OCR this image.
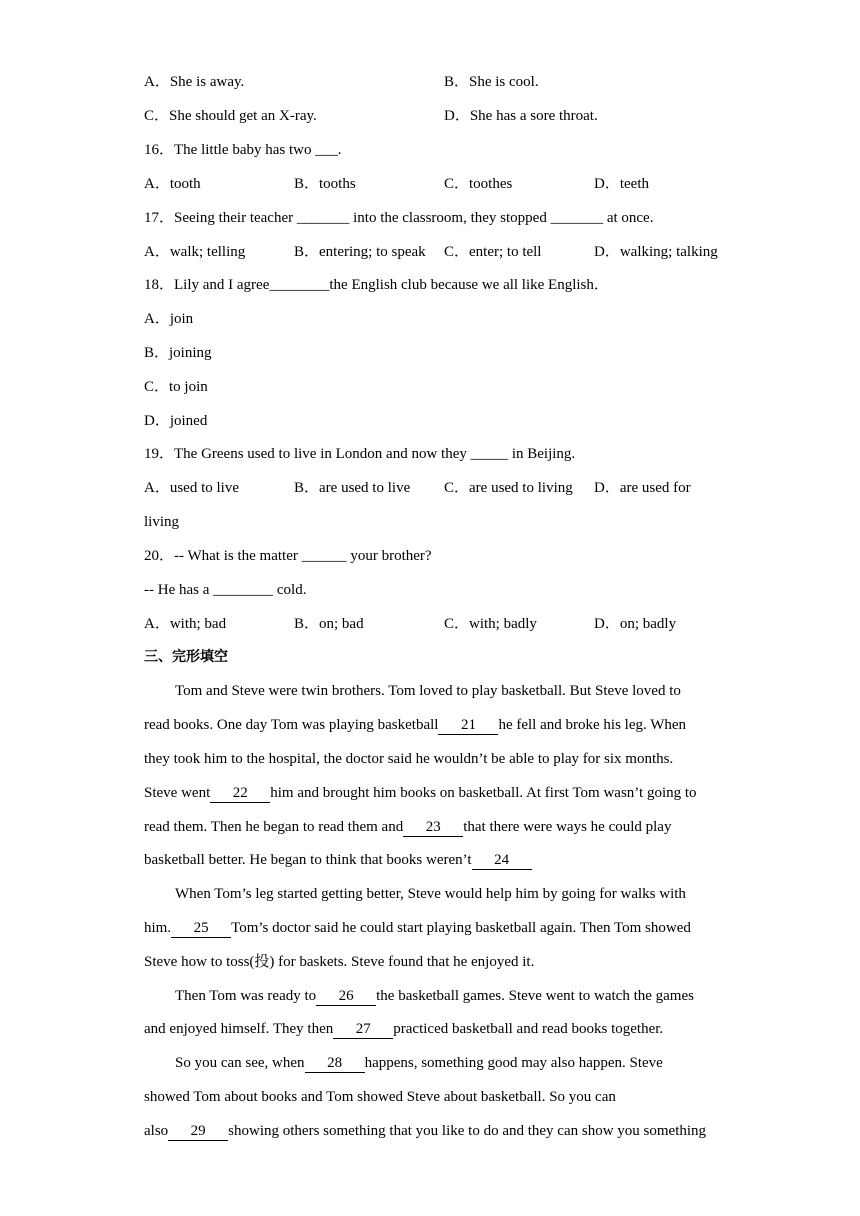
A．She is away.	B．She is cool.
C．She should get an X-ray.	D．She has a sore throat.
16．The little baby has two ___.
A．tooth	B．tooths	C．toothes	D．teeth
17．Seeing their teacher _______ into the classroom, they stopped _______ at once.
A．walk; telling	B．entering; to speak C．enter; to tell	D．walking; talking
18．Lily and I agree________the English club because we all like English．
A．join
B．joining
C．to join
D．joined
19．The Greens used to live in London and now they _____ in Beijing.
A．used to live	B．are used to live C．are used to living D．are used for
living
20．-- What is the matter ______ your brother?
-- He has a ________ cold.
A．with; bad	B．on; bad	C．with; badly	D．on; badly
三、完形填空
Tom and Steve were twin brothers. Tom loved to play basketball. But Steve loved to
read books. One day Tom was playing basketball 21 he fell and broke his leg. When
they took him to the hospital, the doctor said he wouldn’t be able to play for six months.
Steve went 22 him and brought him books on basketball. At first Tom wasn’t going to
read them. Then he began to read them and 23 that there were ways he could play
basketball better. He began to think that books weren’t 24
When Tom’s leg started getting better, Steve would help him by going for walks with
him. 25 Tom’s doctor said he could start playing basketball again. Then Tom showed
Steve how to toss(投) for baskets. Steve found that he enjoyed it.
Then Tom was ready to 26 the basketball games. Steve went to watch the games
and enjoyed himself. They then 27 practiced basketball and read books together.
So you can see, when 28 happens, something good may also happen. Steve
showed Tom about books and Tom showed Steve about basketball. So you can
also 29 showing others something that you like to do and they can show you something
